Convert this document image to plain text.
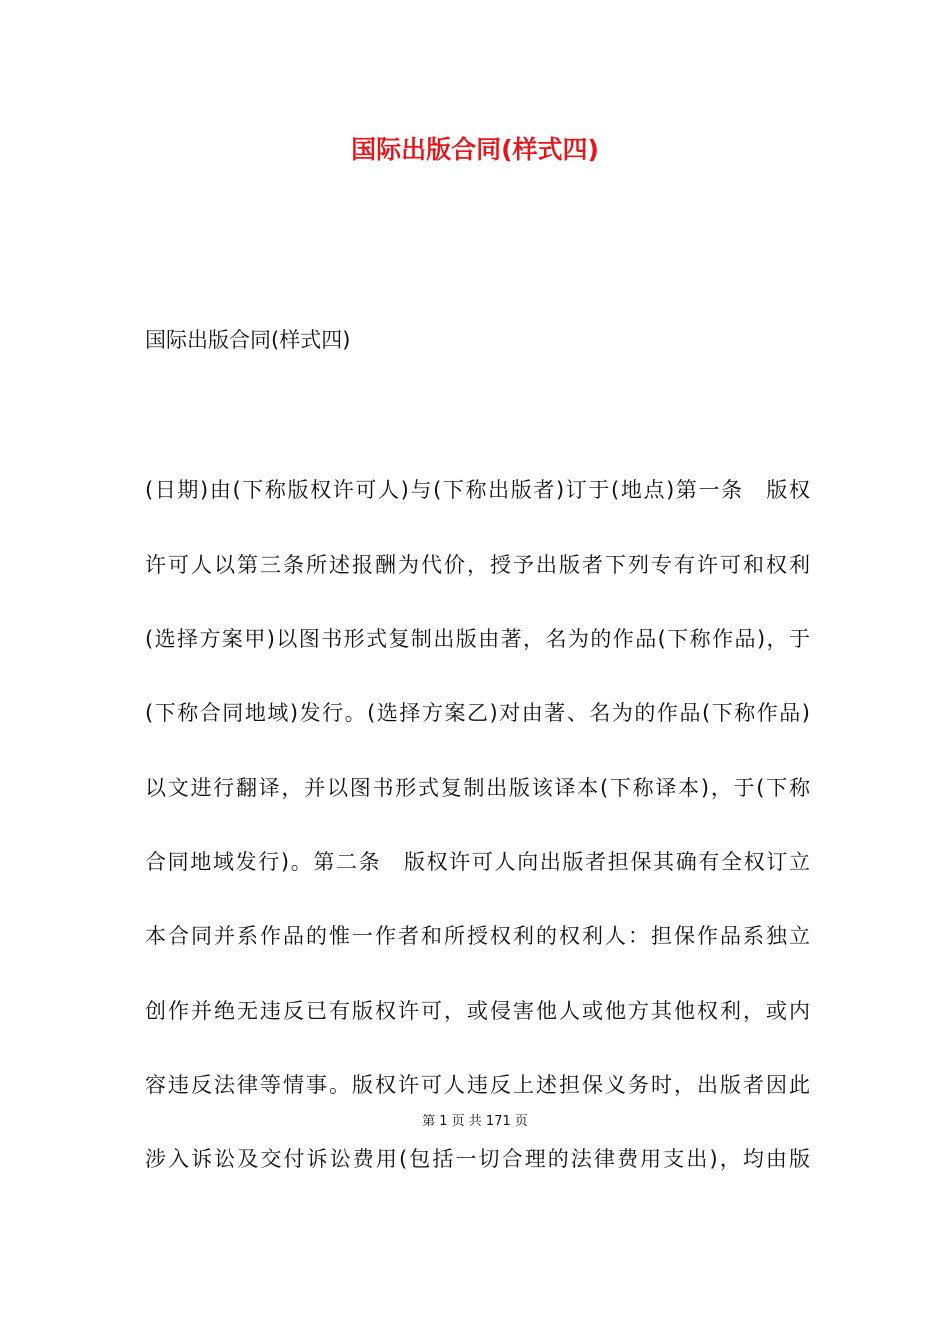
国际出版合同(样式四)

国际出版合同(样式四)

(日期)由(下称版权许可人)与(下称出版者)订于(地点)第一条　版权

许可人以第三条所述报酬为代价，授予出版者下列专有许可和权利

(选择方案甲)以图书形式复制出版由著，名为的作品(下称作品)，于

(下称合同地域)发行。(选择方案乙)对由著、名为的作品(下称作品)

以文进行翻译，并以图书形式复制出版该译本(下称译本)，于(下称

合同地域发行)。第二条　版权许可人向出版者担保其确有全权订立

本合同并系作品的惟一作者和所授权利的权利人：担保作品系独立

创作并绝无违反已有版权许可，或侵害他人或他方其他权利，或内

容违反法律等情事。版权许可人违反上述担保义务时，出版者因此

涉入诉讼及交付诉讼费用(包括一切合理的法律费用支出)，均由版

第 1 页 共 171 页
